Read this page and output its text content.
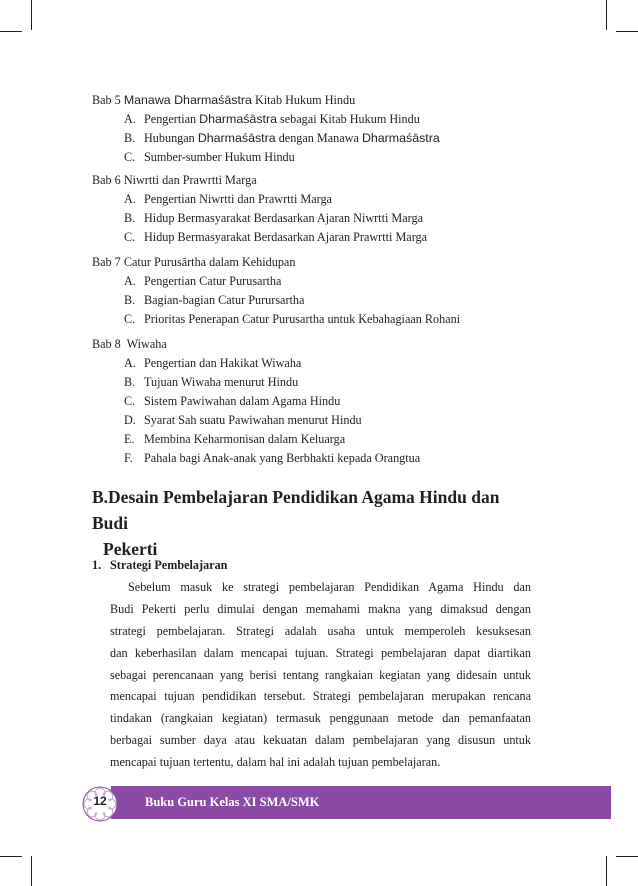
Bab 5 Manawa Dharmaśāstra Kitab Hukum Hindu
A. Pengertian Dharmaśāstra sebagai Kitab Hukum Hindu
B. Hubungan Dharmaśāstra dengan Manawa Dharmaśāstra
C. Sumber-sumber Hukum Hindu
Bab 6 Niwrtti dan Prawrtti Marga
A. Pengertian Niwrtti dan Prawrtti Marga
B. Hidup Bermasyarakat Berdasarkan Ajaran Niwrtti Marga
C. Hidup Bermasyarakat Berdasarkan Ajaran Prawrtti Marga
Bab 7 Catur Purusārtha dalam Kehidupan
A. Pengertian Catur Purusartha
B. Bagian-bagian Catur Purursartha
C. Prioritas Penerapan Catur Purusartha untuk Kebahagiaan Rohani
Bab 8  Wiwaha
A. Pengertian dan Hakikat Wiwaha
B. Tujuan Wiwaha menurut Hindu
C. Sistem Pawiwahan dalam Agama Hindu
D. Syarat Sah suatu Pawiwahan menurut Hindu
E. Membina Keharmonisan dalam Keluarga
F. Pahala bagi Anak-anak yang Berbhakti kepada Orangtua
B.Desain Pembelajaran Pendidikan Agama Hindu dan Budi
Pekerti
1. Strategi Pembelajaran
Sebelum masuk ke strategi pembelajaran Pendidikan Agama Hindu dan
Budi Pekerti perlu dimulai dengan memahami makna yang dimaksud dengan
strategi pembelajaran. Strategi adalah usaha untuk memperoleh kesuksesan
dan keberhasilan dalam mencapai tujuan. Strategi pembelajaran dapat diartikan
sebagai perencanaan yang berisi tentang rangkaian kegiatan yang didesain untuk
mencapai tujuan pendidikan tersebut. Strategi pembelajaran merupakan rencana
tindakan (rangkaian kegiatan) termasuk penggunaan metode dan pemanfaatan
berbagai sumber daya atau kekuatan dalam pembelajaran yang disusun untuk
mencapai tujuan tertentu, dalam hal ini adalah tujuan pembelajaran.
12	Buku Guru Kelas XI SMA/SMK
